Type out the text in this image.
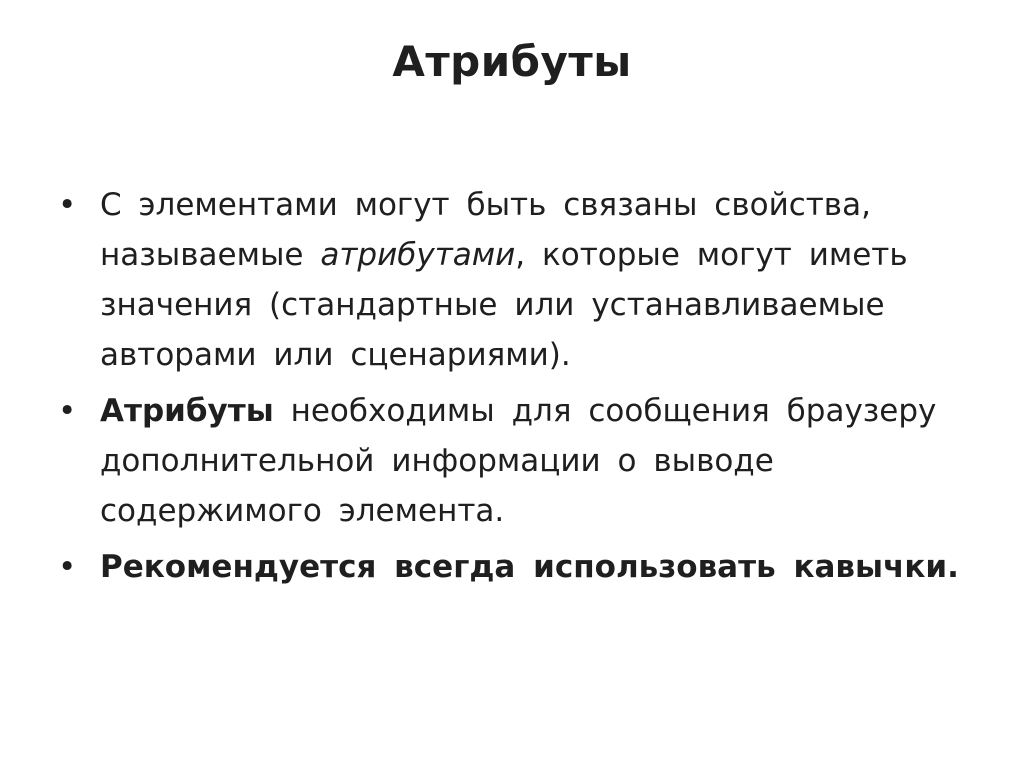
Атрибуты
• С элементами могут быть связаны свойства, называемые атрибутами, которые могут иметь значения (стандартные или устанавливаемые авторами или сценариями).
• Атрибуты необходимы для сообщения браузеру дополнительной информации о выводе содержимого элемента.
• Рекомендуется всегда использовать кавычки.
